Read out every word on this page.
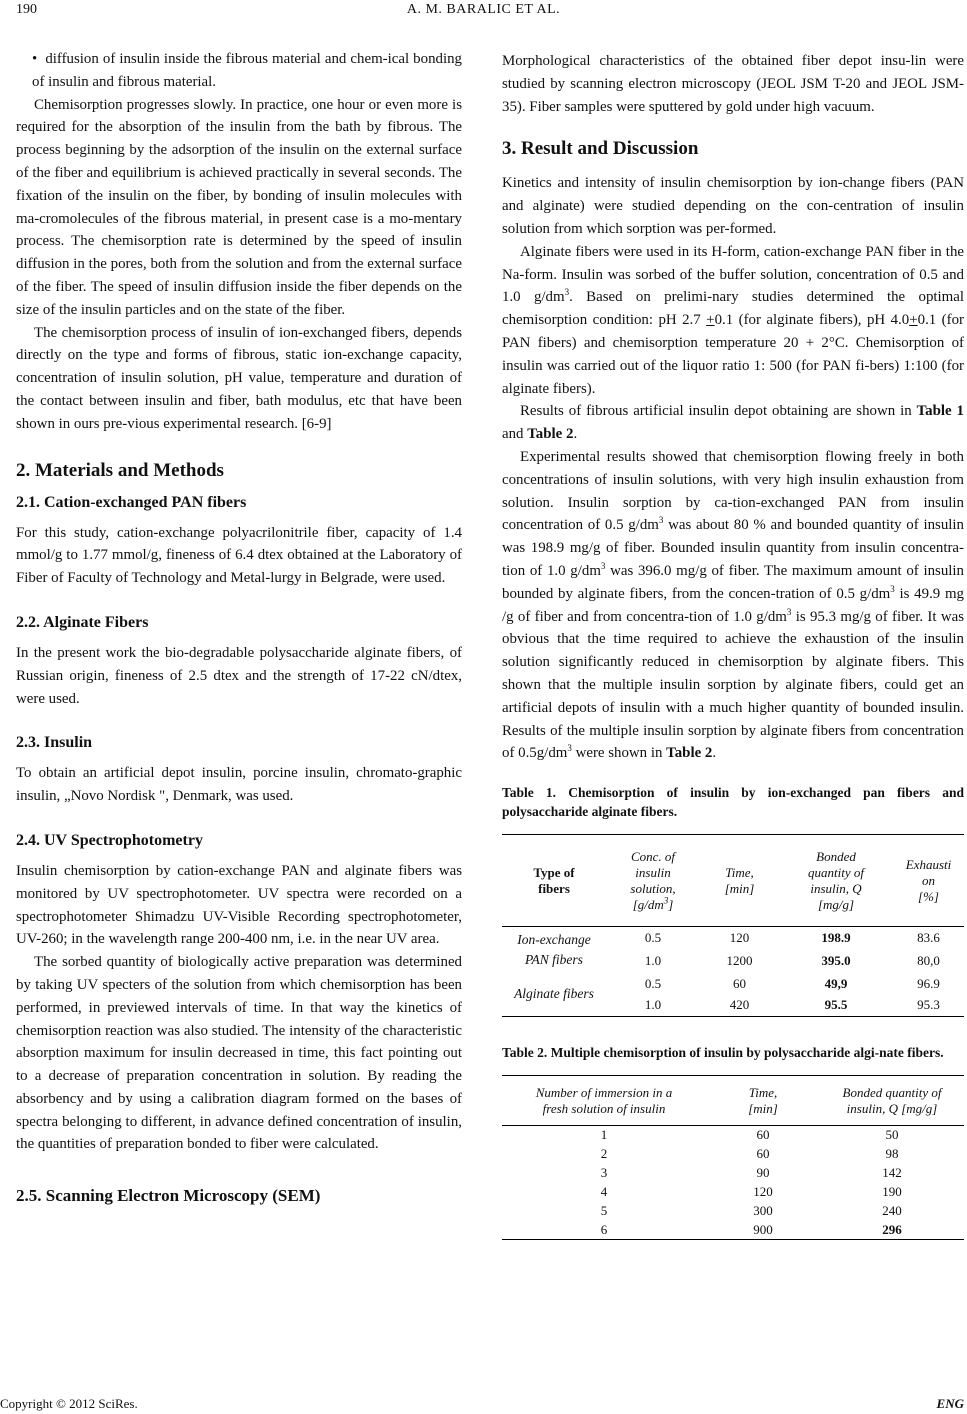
190	A. M. BARALIC ET AL.

•  diffusion of insulin inside the fibrous material and chem-ical bonding of insulin and fibrous material.

Chemisorption progresses slowly. In practice, one hour or even more is required for the absorption of the insulin from the bath by fibrous. The process beginning by the adsorption of the insulin on the external surface of the fiber and equilibrium is achieved practically in several seconds. The fixation of the insulin on the fiber, by bonding of insulin molecules with ma-cromolecules of the fibrous material, in present case is a mo-mentary process. The chemisorption rate is determined by the speed of insulin diffusion in the pores, both from the solution and from the external surface of the fiber. The speed of insulin diffusion inside the fiber depends on the size of the insulin particles and on the state of the fiber.

The chemisorption process of insulin of ion-exchanged fibers, depends directly on the type and forms of fibrous, static ion-exchange capacity, concentration of insulin solution, pH value, temperature and duration of the contact between insulin and fiber, bath modulus, etc that have been shown in ours pre-vious experimental research. [6-9]

2. Materials and Methods
2.1. Cation-exchanged PAN fibers

For this study, cation-exchange polyacrilonitrile fiber, capacity of 1.4 mmol/g to 1.77 mmol/g, fineness of 6.4 dtex obtained at the Laboratory of Fiber of Faculty of Technology and Metal-lurgy in Belgrade, were used.

2.2. Alginate Fibers

In the present work the bio-degradable polysaccharide alginate fibers, of Russian origin, fineness of 2.5 dtex and the strength of 17-22 cN/dtex, were used.

2.3. Insulin

To obtain an artificial depot insulin, porcine insulin, chromato-graphic insulin, „Novo Nordisk ", Denmark, was used.

2.4. UV Spectrophotometry

Insulin chemisorption by cation-exchange PAN and alginate fibers was monitored by UV spectrophotometer. UV spectra were recorded on a spectrophotometer Shimadzu UV-Visible Recording spectrophotometer, UV-260; in the wavelength range 200-400 nm, i.e. in the near UV area.

The sorbed quantity of biologically active preparation was determined by taking UV specters of the solution from which chemisorption has been performed, in previewed intervals of time. In that way the kinetics of chemisorption reaction was also studied. The intensity of the characteristic absorption maximum for insulin decreased in time, this fact pointing out to a decrease of preparation concentration in solution. By reading the absorbency and by using a calibration diagram formed on the bases of spectra belonging to different, in advance defined concentration of insulin, the quantities of preparation bonded to fiber were calculated.

2.5. Scanning Electron Microscopy (SEM)

Morphological characteristics of the obtained fiber depot insu-lin were studied by scanning electron microscopy (JEOL JSM T-20 and JEOL JSM-35). Fiber samples were sputtered by gold under high vacuum.

3. Result and Discussion

Kinetics and intensity of insulin chemisorption by ion-change fibers (PAN and alginate) were studied depending on the con-centration of insulin solution from which sorption was per-formed.

Alginate fibers were used in its H-form, cation-exchange PAN fiber in the Na-form. Insulin was sorbed of the buffer solution, concentration of 0.5 and 1.0 $g/dm^3$. Based on prelimi-nary studies determined the optimal chemisorption condition: pH 2.7 +0.1 (for alginate fibers), pH 4.0+0.1 (for PAN fibers) and chemisorption temperature 20 + 2°C. Chemisorption of insulin was carried out of the liquor ratio 1: 500 (for PAN fi-bers) 1:100 (for alginate fibers).

Results of fibrous artificial insulin depot obtaining are shown in Table 1 and Table 2.

Experimental results showed that chemisorption flowing freely in both concentrations of insulin solutions, with very high insulin exhaustion from solution. Insulin sorption by ca-tion-exchanged PAN from insulin concentration of 0.5 $g/dm^3$ was about 80 % and bounded quantity of insulin was 198.9 mg/g of fiber. Bounded insulin quantity from insulin concentra-tion of 1.0 $g/dm^3$ was 396.0 mg/g of fiber. The maximum amount of insulin bounded by alginate fibers, from the concen-tration of 0.5 $g/dm^3$ is 49.9 mg /g of fiber and from concentra-tion of 1.0 $g/dm^3$ is 95.3 mg/g of fiber. It was obvious that the time required to achieve the exhaustion of the insulin solution significantly reduced in chemisorption by alginate fibers. This shown that the multiple insulin sorption by alginate fibers, could get an artificial depots of insulin with a much higher quantity of bounded insulin. Results of the multiple insulin sorption by alginate fibers from concentration of $0.5g/dm^3$ were shown in Table 2.

Table 1. Chemisorption of insulin by ion-exchanged pan fibers and polysaccharide alginate fibers.

Type of
fibers	Conc. of
insulin
solution,
$[g/dm^3]$	Time,
[min]	Bonded
quantity of
insulin, Q
[mg/g]	Exhausti
on
[%]
Ion-exchange
PAN fibers	0.5	120	198.9	83.6
	1.0	1200	395.0	80,0
Alginate fibers	0.5	60	49,9	96.9
	1.0	420	95.5	95.3

Table 2. Multiple chemisorption of insulin by polysaccharide algi-nate fibers.

Number of immersion in a
fresh solution of insulin	Time,
[min]	Bonded quantity of
insulin, Q [mg/g]
1	60	50
2	60	98
3	90	142
4	120	190
5	300	240
6	900	296
Copyright © 2012 SciRes.	ENG
